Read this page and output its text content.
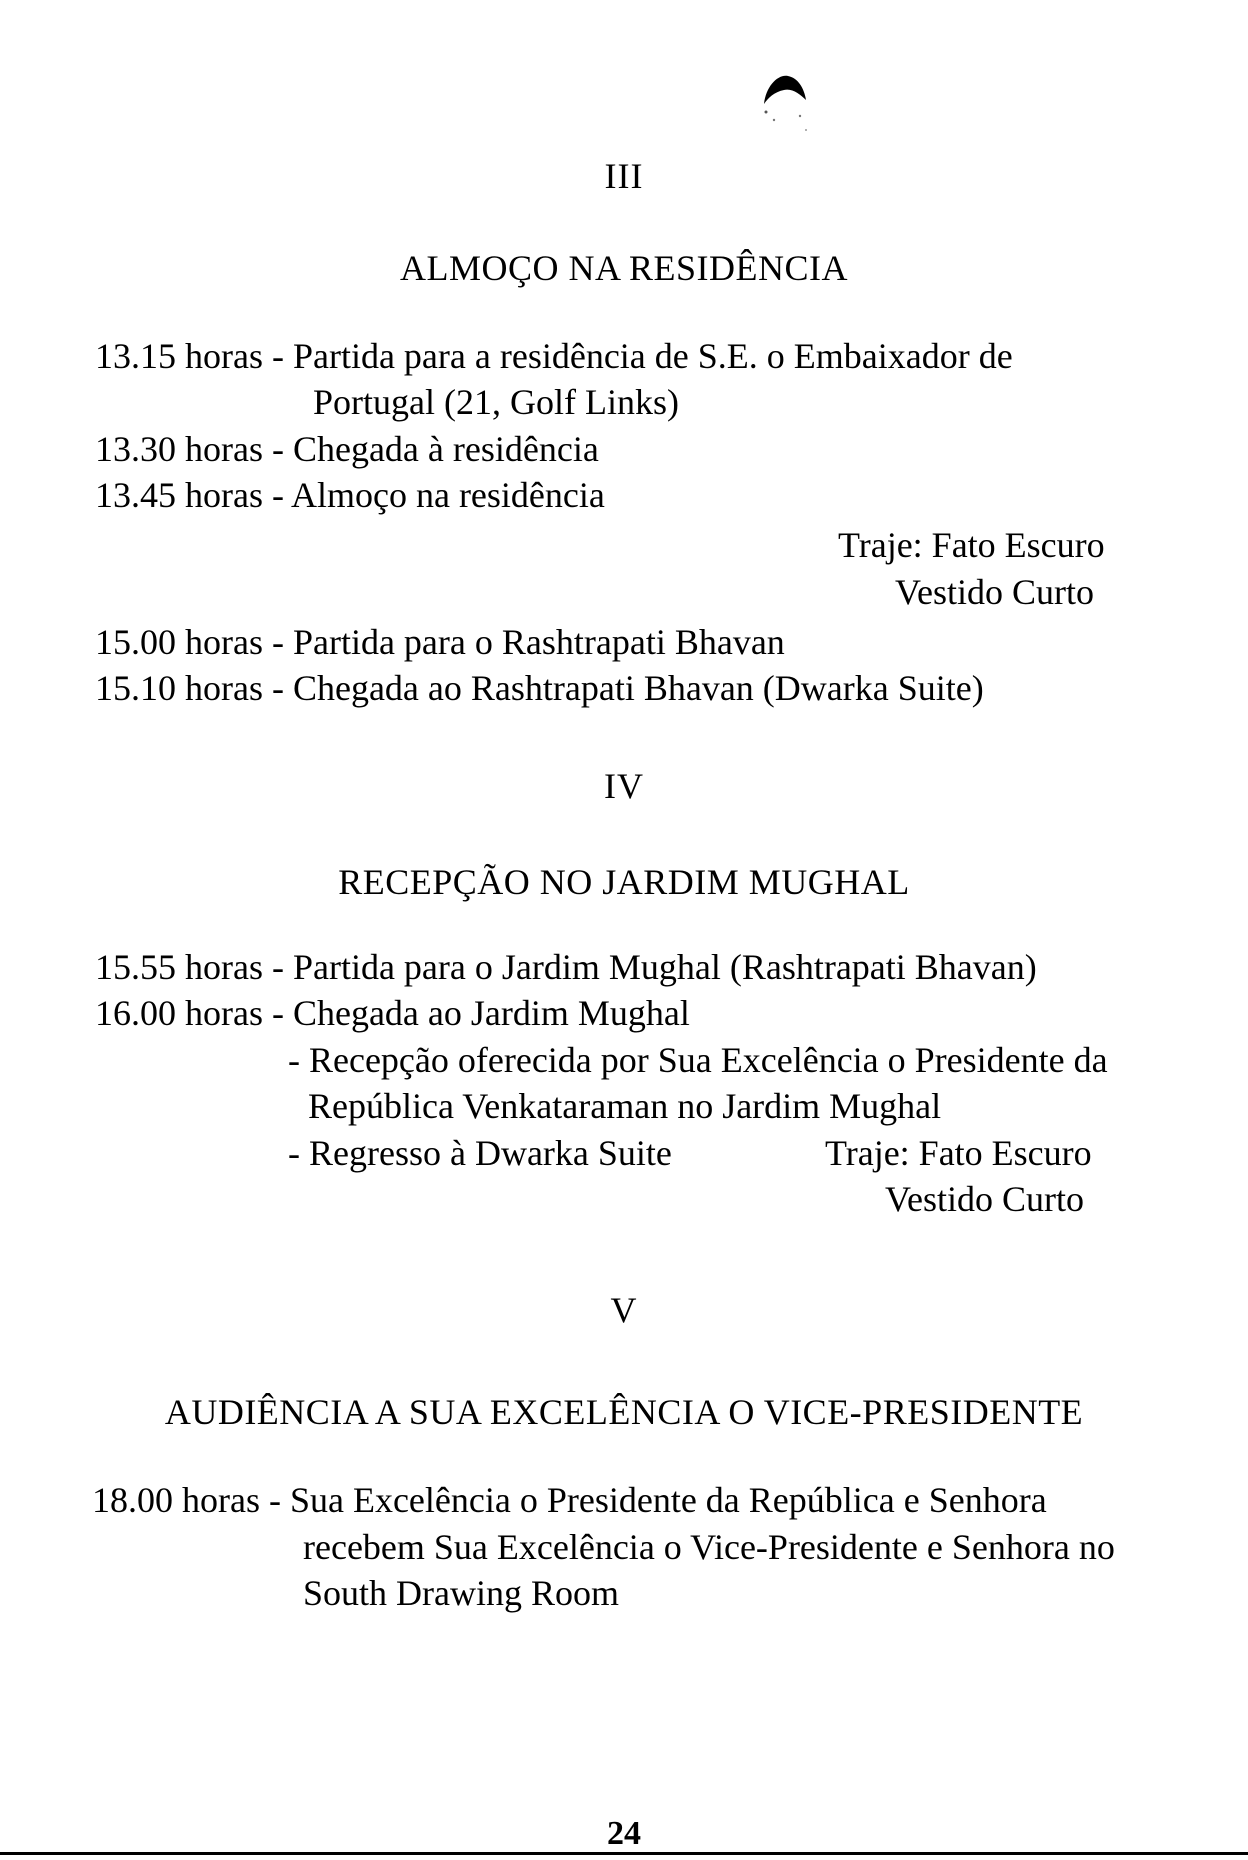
III
ALMOÇO NA RESIDÊNCIA
13.15 horas - Partida para a residência de S.E. o Embaixador de
Portugal (21, Golf Links)
13.30 horas - Chegada à residência
13.45 horas - Almoço na residência
Traje: Fato Escuro
Vestido Curto
15.00 horas - Partida para o Rashtrapati Bhavan
15.10 horas - Chegada ao Rashtrapati Bhavan (Dwarka Suite)
IV
RECEPÇÃO NO JARDIM MUGHAL
15.55 horas - Partida para o Jardim Mughal (Rashtrapati Bhavan)
16.00 horas - Chegada ao Jardim Mughal
- Recepção oferecida por Sua Excelência o Presidente da
República Venkataraman no Jardim Mughal
- Regresso à Dwarka Suite	Traje: Fato Escuro
Vestido Curto
V
AUDIÊNCIA A SUA EXCELÊNCIA O VICE-PRESIDENTE
18.00 horas - Sua Excelência o Presidente da República e Senhora
recebem Sua Excelência o Vice-Presidente e Senhora no
South Drawing Room
24
